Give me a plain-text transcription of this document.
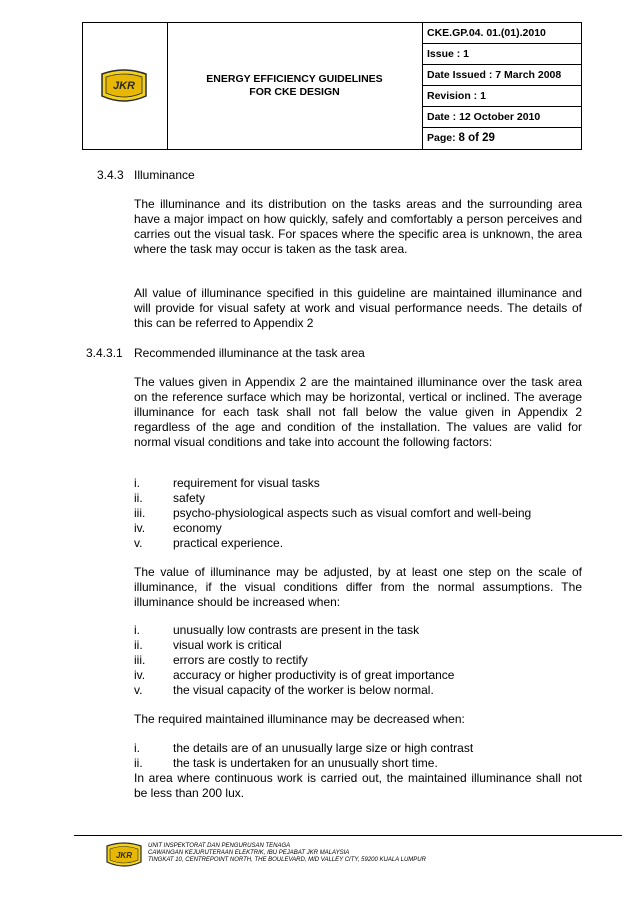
JKR
ENERGY EFFICIENCY GUIDELINES
FOR CKE DESIGN
CKE.GP.04. 01.(01).2010
Issue : 1
Date Issued : 7 March 2008
Revision : 1
Date : 12 October 2010
Page: 8 of 29
3.4.3 Illuminance
The illuminance and its distribution on the tasks areas and the surrounding area have a major impact on how quickly, safely and comfortably a person perceives and carries out the visual task. For spaces where the specific area is unknown, the area where the task may occur is taken as the task area.
All value of illuminance specified in this guideline are maintained illuminance and will provide for visual safety at work and visual performance needs. The details of this can be referred to Appendix 2
3.4.3.1 Recommended illuminance at the task area
The values given in Appendix 2 are the maintained illuminance over the task area on the reference surface which may be horizontal, vertical or inclined. The average illuminance for each task shall not fall below the value given in Appendix 2 regardless of the age and condition of the installation. The values are valid for normal visual conditions and take into account the following factors:
i.	requirement for visual tasks
ii.	safety
iii. psycho-physiological aspects such as visual comfort and well-being
iv. economy
v.	practical experience.
The value of illuminance may be adjusted, by at least one step on the scale of illuminance, if the visual conditions differ from the normal assumptions. The illuminance should be increased when:
i.	unusually low contrasts are present in the task
ii.	visual work is critical
iii. errors are costly to rectify
iv. accuracy or higher productivity is of great importance
v.	the visual capacity of the worker is below normal.
The required maintained illuminance may be decreased when:
i.	the details are of an unusually large size or high contrast
ii.	the task is undertaken for an unusually short time.
In area where continuous work is carried out, the maintained illuminance shall not be less than 200 lux.
JKR
UNIT INSPEKTORAT DAN PENGURUSAN TENAGA
CAWANGAN KEJURUTERAAN ELEKTRIK, IBU PEJABAT JKR MALAYSIA
TINGKAT 10, CENTREPOINT NORTH, THE BOULEVARD, MID VALLEY CITY, 59200 KUALA LUMPUR
